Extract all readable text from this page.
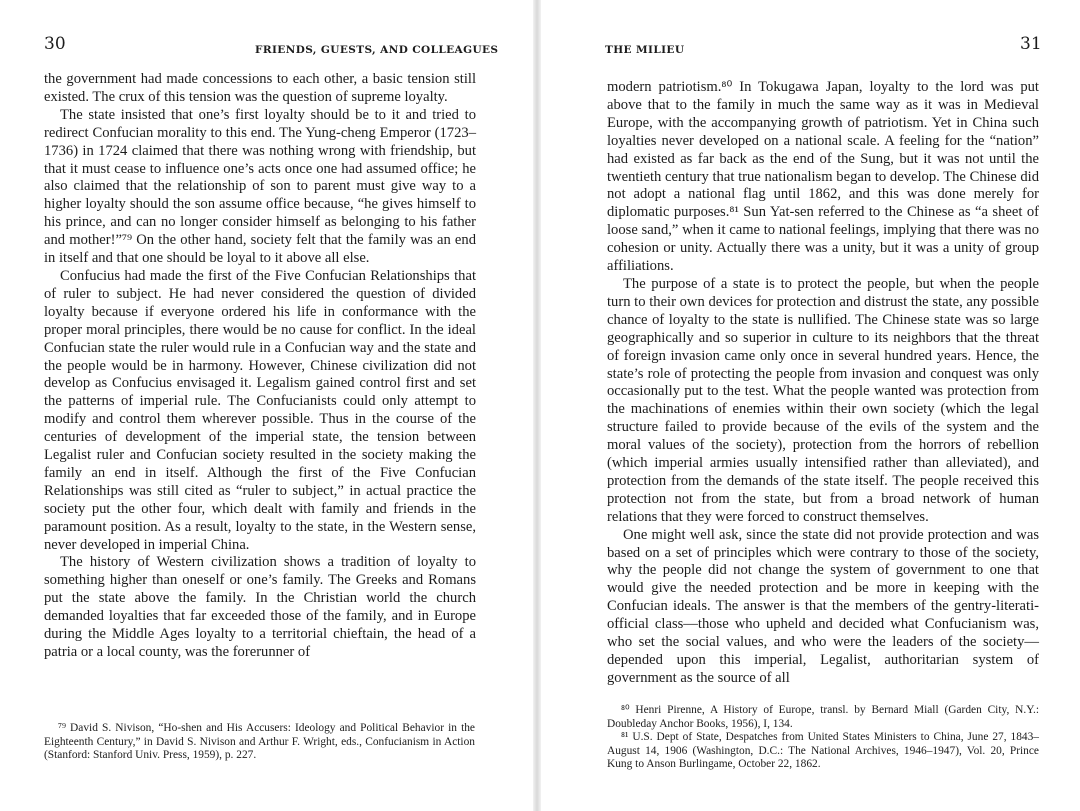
30	FRIENDS, GUESTS, AND COLLEAGUES

the government had made concessions to each other, a basic tension still existed. The crux of this tension was the question of supreme loyalty.

The state insisted that one’s first loyalty should be to it and tried to redirect Confucian morality to this end. The Yung-cheng Emperor (1723–1736) in 1724 claimed that there was nothing wrong with friendship, but that it must cease to influence one’s acts once one had assumed office; he also claimed that the relationship of son to parent must give way to a higher loyalty should the son assume office because, “he gives himself to his prince, and can no longer consider himself as belonging to his father and mother!”⁷⁹ On the other hand, society felt that the family was an end in itself and that one should be loyal to it above all else.

Confucius had made the first of the Five Confucian Relationships that of ruler to subject. He had never considered the question of divided loyalty because if everyone ordered his life in conformance with the proper moral principles, there would be no cause for conflict. In the ideal Confucian state the ruler would rule in a Confucian way and the state and the people would be in harmony. However, Chinese civilization did not develop as Confucius envisaged it. Legalism gained control first and set the patterns of imperial rule. The Confucianists could only attempt to modify and control them wherever possible. Thus in the course of the centuries of development of the imperial state, the tension between Legalist ruler and Confucian society resulted in the society making the family an end in itself. Although the first of the Five Confucian Relationships was still cited as “ruler to subject,” in actual practice the society put the other four, which dealt with family and friends in the paramount position. As a result, loyalty to the state, in the Western sense, never developed in imperial China.

The history of Western civilization shows a tradition of loyalty to something higher than oneself or one’s family. The Greeks and Romans put the state above the family. In the Christian world the church demanded loyalties that far exceeded those of the family, and in Europe during the Middle Ages loyalty to a territorial chieftain, the head of a patria or a local county, was the forerunner of

⁷⁹ David S. Nivison, “Ho-shen and His Accusers: Ideology and Political Behavior in the Eighteenth Century,” in David S. Nivison and Arthur F. Wright, eds., Confucianism in Action (Stanford: Stanford Univ. Press, 1959), p. 227.

THE MILIEU	31

modern patriotism.⁸⁰ In Tokugawa Japan, loyalty to the lord was put above that to the family in much the same way as it was in Medieval Europe, with the accompanying growth of patriotism. Yet in China such loyalties never developed on a national scale. A feeling for the “nation” had existed as far back as the end of the Sung, but it was not until the twentieth century that true nationalism began to develop. The Chinese did not adopt a national flag until 1862, and this was done merely for diplomatic purposes.⁸¹ Sun Yat-sen referred to the Chinese as “a sheet of loose sand,” when it came to national feelings, implying that there was no cohesion or unity. Actually there was a unity, but it was a unity of group affiliations.

The purpose of a state is to protect the people, but when the people turn to their own devices for protection and distrust the state, any possible chance of loyalty to the state is nullified. The Chinese state was so large geographically and so superior in culture to its neighbors that the threat of foreign invasion came only once in several hundred years. Hence, the state’s role of protecting the people from invasion and conquest was only occasionally put to the test. What the people wanted was protection from the machinations of enemies within their own society (which the legal structure failed to provide because of the evils of the system and the moral values of the society), protection from the horrors of rebellion (which imperial armies usually intensified rather than alleviated), and protection from the demands of the state itself. The people received this protection not from the state, but from a broad network of human relations that they were forced to construct themselves.

One might well ask, since the state did not provide protection and was based on a set of principles which were contrary to those of the society, why the people did not change the system of government to one that would give the needed protection and be more in keeping with the Confucian ideals. The answer is that the members of the gentry-literati-official class—those who upheld and decided what Confucianism was, who set the social values, and who were the leaders of the society—depended upon this imperial, Legalist, authoritarian system of government as the source of all

⁸⁰ Henri Pirenne, A History of Europe, transl. by Bernard Miall (Garden City, N.Y.: Doubleday Anchor Books, 1956), I, 134.

⁸¹ U.S. Dept of State, Despatches from United States Ministers to China, June 27, 1843–August 14, 1906 (Washington, D.C.: The National Archives, 1946–1947), Vol. 20, Prince Kung to Anson Burlingame, October 22, 1862.
